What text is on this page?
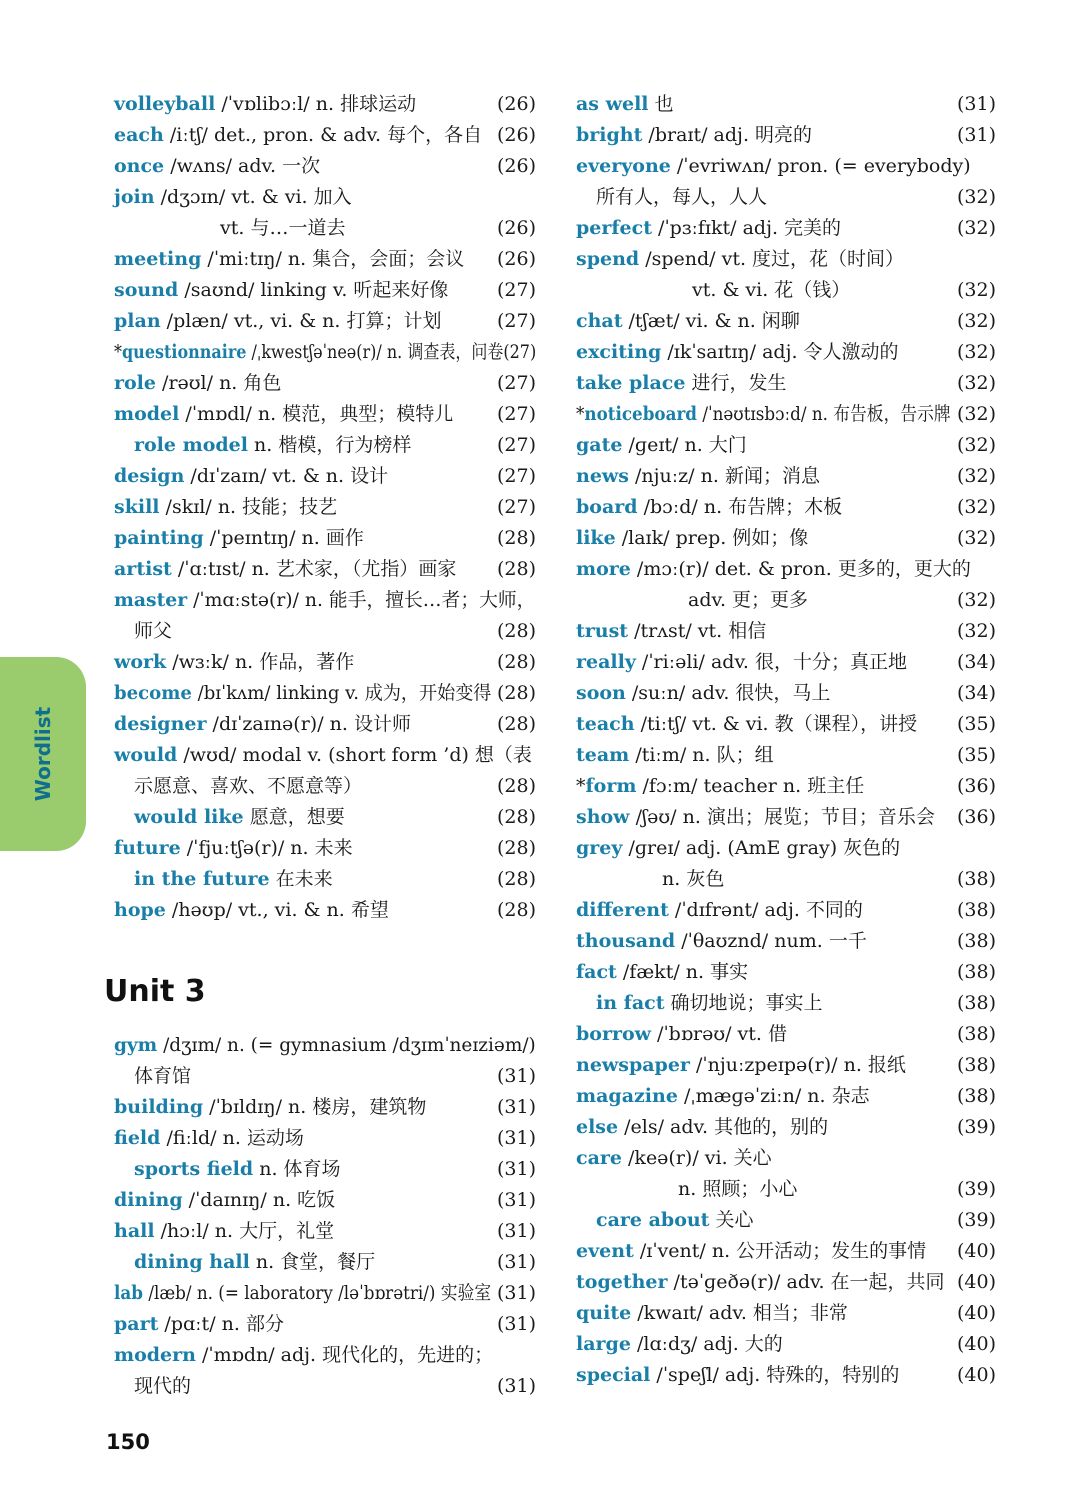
Wordlist
Unit 3
volleyball /ˈvɒlibɔːl/ n. 排球运动	(26)
each /iːtʃ/ det., pron. & adv. 每个，各自 (26)
once /wʌns/ adv. 一次	(26)
join /dʒɔɪn/ vt. & vi. 加入
vt. 与…一道去	(26)
meeting /ˈmiːtɪŋ/ n. 集合，会面；会议 (26)
sound /saʊnd/ linking v. 听起来好像	(27)
plan /plæn/ vt., vi. & n. 打算；计划	(27)
*questionnaire /ˌkwestʃəˈneə(r)/ n. 调查表，问卷(27)
role /rəʊl/ n. 角色	(27)
model /ˈmɒdl/ n. 模范，典型；模特儿 (27)
role model n. 楷模，行为榜样	(27)
design /dɪˈzaɪn/ vt. & n. 设计	(27)
skill /skɪl/ n. 技能；技艺	(27)
painting /ˈpeɪntɪŋ/ n. 画作	(28)
artist /ˈɑːtɪst/ n. 艺术家，（尤指）画家 (28)
master /ˈmɑːstə(r)/ n. 能手，擅长…者；大师，
师父	(28)
work /wɜːk/ n. 作品，著作	(28)
become /bɪˈkʌm/ linking v. 成为，开始变得 (28)
designer /dɪˈzaɪnə(r)/ n. 设计师	(28)
would /wʊd/ modal v. (short form ’d) 想（表
示愿意、喜欢、不愿意等）	(28)
would like 愿意，想要	(28)
future /ˈfjuːtʃə(r)/ n. 未来	(28)
in the future 在未来	(28)
hope /həʊp/ vt., vi. & n. 希望	(28)
gym /dʒɪm/ n. (= gymnasium /dʒɪmˈneɪziəm/)
体育馆	(31)
building /ˈbɪldɪŋ/ n. 楼房，建筑物	(31)
field /fiːld/ n. 运动场	(31)
sports field n. 体育场	(31)
dining /ˈdaɪnɪŋ/ n. 吃饭	(31)
hall /hɔːl/ n. 大厅，礼堂	(31)
dining hall n. 食堂，餐厅	(31)
lab /læb/ n. (= laboratory /ləˈbɒrətri/) 实验室 (31)
part /pɑːt/ n. 部分	(31)
modern /ˈmɒdn/ adj. 现代化的，先进的；
现代的	(31)
as well 也	(31)
bright /braɪt/ adj. 明亮的	(31)
everyone /ˈevriwʌn/ pron. (= everybody)
所有人，每人，人人	(32)
perfect /ˈpɜːfɪkt/ adj. 完美的	(32)
spend /spend/ vt. 度过，花（时间）
vt. & vi. 花（钱）	(32)
chat /tʃæt/ vi. & n. 闲聊	(32)
exciting /ɪkˈsaɪtɪŋ/ adj. 令人激动的	(32)
take place 进行，发生	(32)
*noticeboard /ˈnəʊtɪsbɔːd/ n. 布告板，告示牌 (32)
gate /ɡeɪt/ n. 大门	(32)
news /njuːz/ n. 新闻；消息	(32)
board /bɔːd/ n. 布告牌；木板	(32)
like /laɪk/ prep. 例如；像	(32)
more /mɔː(r)/ det. & pron. 更多的，更大的
adv. 更；更多	(32)
trust /trʌst/ vt. 相信	(32)
really /ˈriːəli/ adv. 很，十分；真正地	(34)
soon /suːn/ adv. 很快，马上	(34)
teach /tiːtʃ/ vt. & vi. 教（课程），讲授 (35)
team /tiːm/ n. 队；组	(35)
*form /fɔːm/ teacher n. 班主任	(36)
show /ʃəʊ/ n. 演出；展览；节目；音乐会 (36)
grey /ɡreɪ/ adj. (AmE gray) 灰色的
n. 灰色	(38)
different /ˈdɪfrənt/ adj. 不同的	(38)
thousand /ˈθaʊznd/ num. 一千	(38)
fact /fækt/ n. 事实	(38)
in fact 确切地说；事实上	(38)
borrow /ˈbɒrəʊ/ vt. 借	(38)
newspaper /ˈnjuːzpeɪpə(r)/ n. 报纸	(38)
magazine /ˌmæɡəˈziːn/ n. 杂志	(38)
else /els/ adv. 其他的，别的	(39)
care /keə(r)/ vi. 关心
n. 照顾；小心	(39)
care about 关心	(39)
event /ɪˈvent/ n. 公开活动；发生的事情 (40)
together /təˈɡeðə(r)/ adv. 在一起，共同 (40)
quite /kwaɪt/ adv. 相当；非常	(40)
large /lɑːdʒ/ adj. 大的	(40)
special /ˈspeʃl/ adj. 特殊的，特别的	(40)
150
